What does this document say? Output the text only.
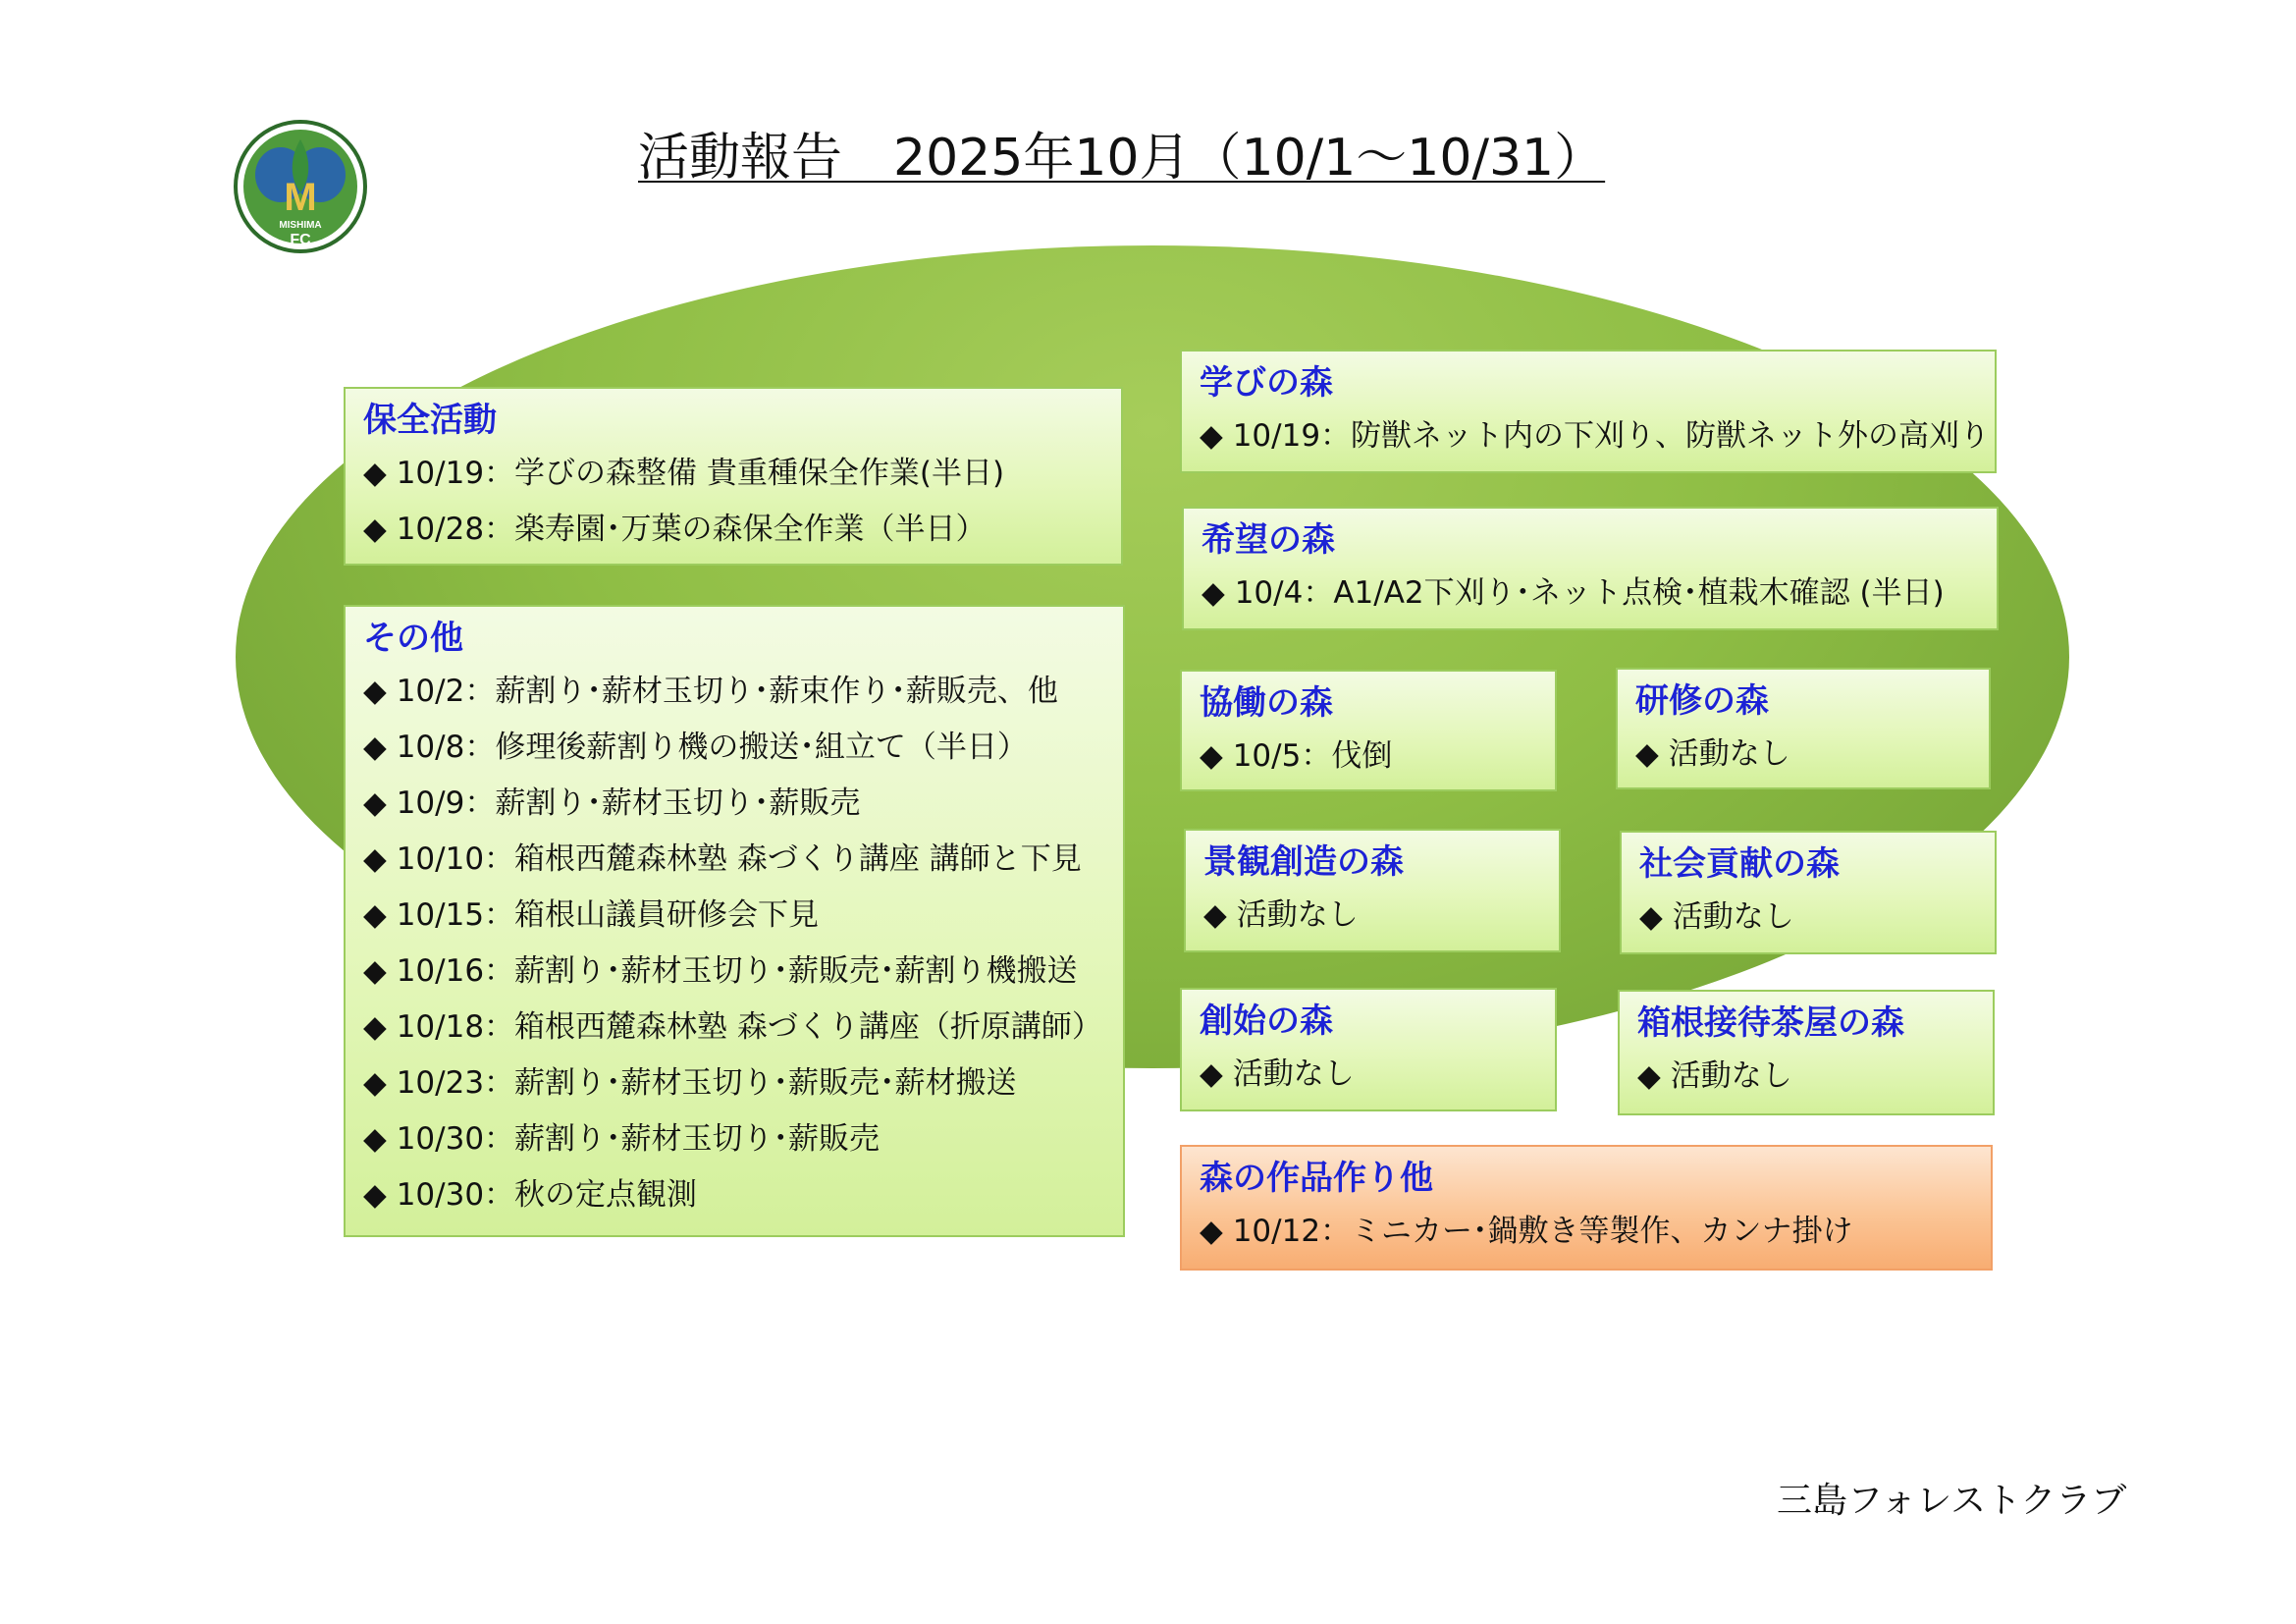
M
MISHIMA
FC
活動報告　2025年10月（10/1～10/31）
保全活動
◆ 10/19：学びの森整備 貴重種保全作業(半日)
◆ 10/28：楽寿園･万葉の森保全作業（半日）
その他
◆ 10/2：薪割り･薪材玉切り･薪束作り･薪販売、他
◆ 10/8：修理後薪割り機の搬送･組立て（半日）
◆ 10/9：薪割り･薪材玉切り･薪販売
◆ 10/10：箱根西麓森林塾 森づくり講座 講師と下見
◆ 10/15：箱根山議員研修会下見
◆ 10/16：薪割り･薪材玉切り･薪販売･薪割り機搬送
◆ 10/18：箱根西麓森林塾 森づくり講座（折原講師）
◆ 10/23：薪割り･薪材玉切り･薪販売･薪材搬送
◆ 10/30：薪割り･薪材玉切り･薪販売
◆ 10/30：秋の定点観測
学びの森
◆ 10/19：防獣ネット内の下刈り、防獣ネット外の高刈り
希望の森
◆ 10/4：A1/A2下刈り･ネット点検･植栽木確認 (半日)
協働の森
◆ 10/5：伐倒
研修の森
◆ 活動なし
景観創造の森
◆ 活動なし
社会貢献の森
◆ 活動なし
創始の森
◆ 活動なし
箱根接待茶屋の森
◆ 活動なし
森の作品作り他
◆ 10/12：ミニカー･鍋敷き等製作、カンナ掛け
三島フォレストクラブ
